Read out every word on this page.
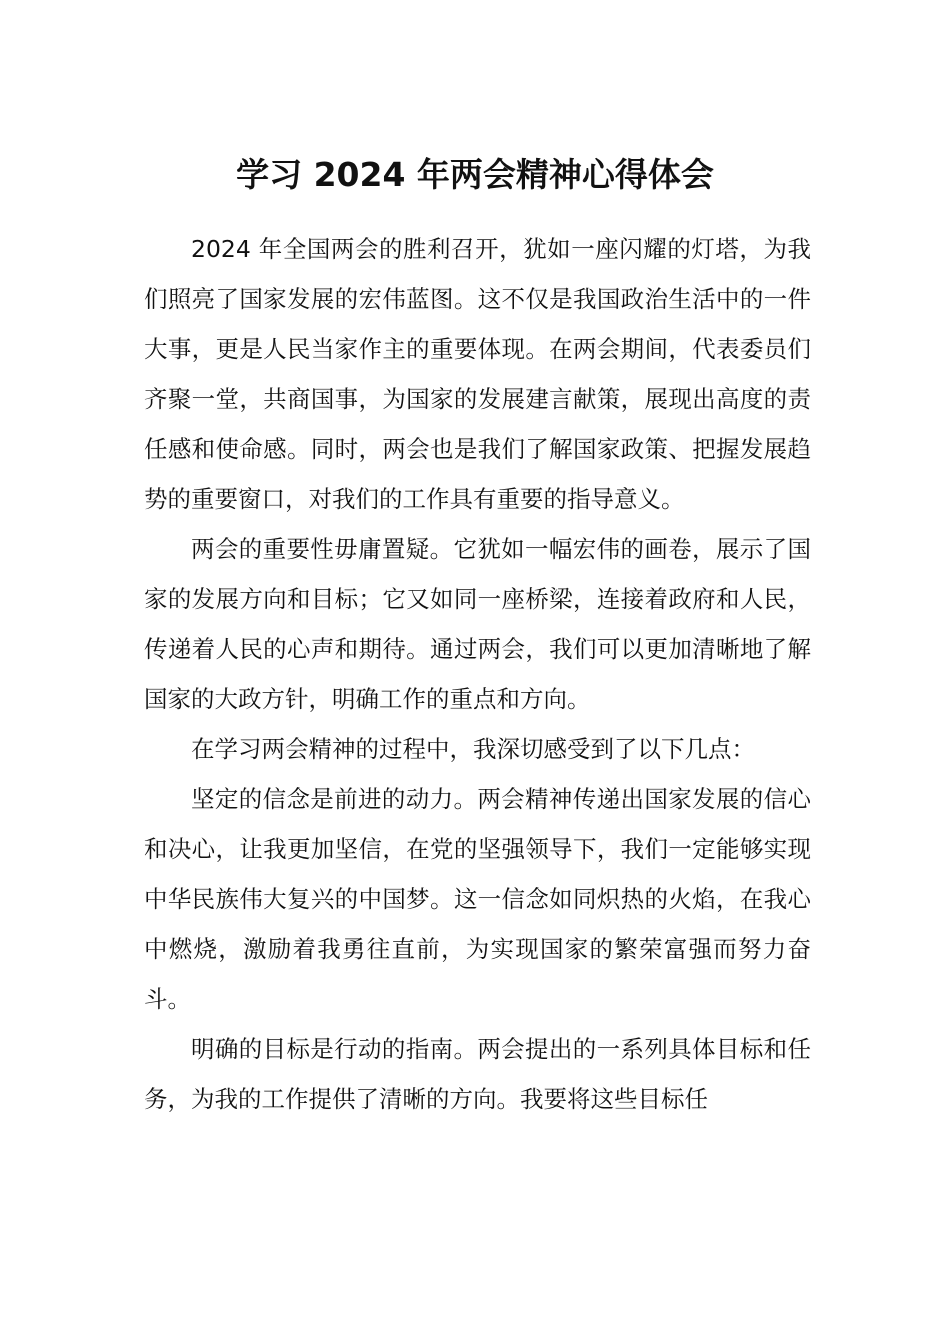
学习 2024 年两会精神心得体会

2024 年全国两会的胜利召开，犹如一座闪耀的灯塔，为我们照亮了国家发展的宏伟蓝图。这不仅是我国政治生活中的一件大事，更是人民当家作主的重要体现。在两会期间，代表委员们齐聚一堂，共商国事，为国家的发展建言献策，展现出高度的责任感和使命感。同时，两会也是我们了解国家政策、把握发展趋势的重要窗口，对我们的工作具有重要的指导意义。

两会的重要性毋庸置疑。它犹如一幅宏伟的画卷，展示了国家的发展方向和目标；它又如同一座桥梁，连接着政府和人民，传递着人民的心声和期待。通过两会，我们可以更加清晰地了解国家的大政方针，明确工作的重点和方向。

在学习两会精神的过程中，我深切感受到了以下几点：

坚定的信念是前进的动力。两会精神传递出国家发展的信心和决心，让我更加坚信，在党的坚强领导下，我们一定能够实现中华民族伟大复兴的中国梦。这一信念如同炽热的火焰，在我心中燃烧，激励着我勇往直前，为实现国家的繁荣富强而努力奋斗。

明确的目标是行动的指南。两会提出的一系列具体目标和任务，为我的工作提供了清晰的方向。我要将这些目标任
